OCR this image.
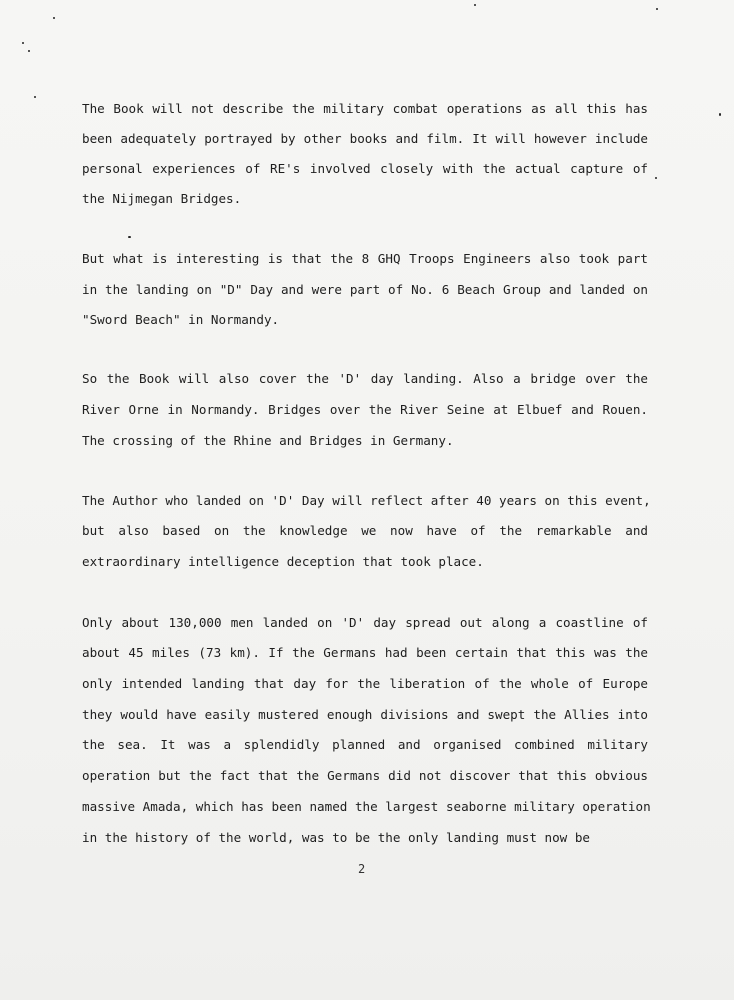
The Book will not describe the military combat operations as all this has

been adequately portrayed by other books and film. It will however include

personal experiences of RE's involved closely with the actual capture of

the Nijmegan Bridges.

But what is interesting is that the 8 GHQ Troops Engineers also took part

in the landing on "D" Day and were part of No. 6 Beach Group and landed on

"Sword Beach" in Normandy.

So the Book will also cover the 'D' day landing. Also a bridge over the

River Orne in Normandy. Bridges over the River Seine at Elbuef and Rouen.

The crossing of the Rhine and Bridges in Germany.

The Author who landed on 'D' Day will reflect after 40 years on this event,

but also based on the knowledge we now have of the remarkable and

extraordinary intelligence deception that took place.

Only about 130,000 men landed on 'D' day spread out along a coastline of

about 45 miles (73 km). If the Germans had been certain that this was the

only intended landing that day for the liberation of the whole of Europe

they would have easily mustered enough divisions and swept the Allies into

the sea. It was a splendidly planned and organised combined military

operation but the fact that the Germans did not discover that this obvious

massive Amada, which has been named the largest seaborne military operation

in the history of the world, was to be the only landing must now be

2
